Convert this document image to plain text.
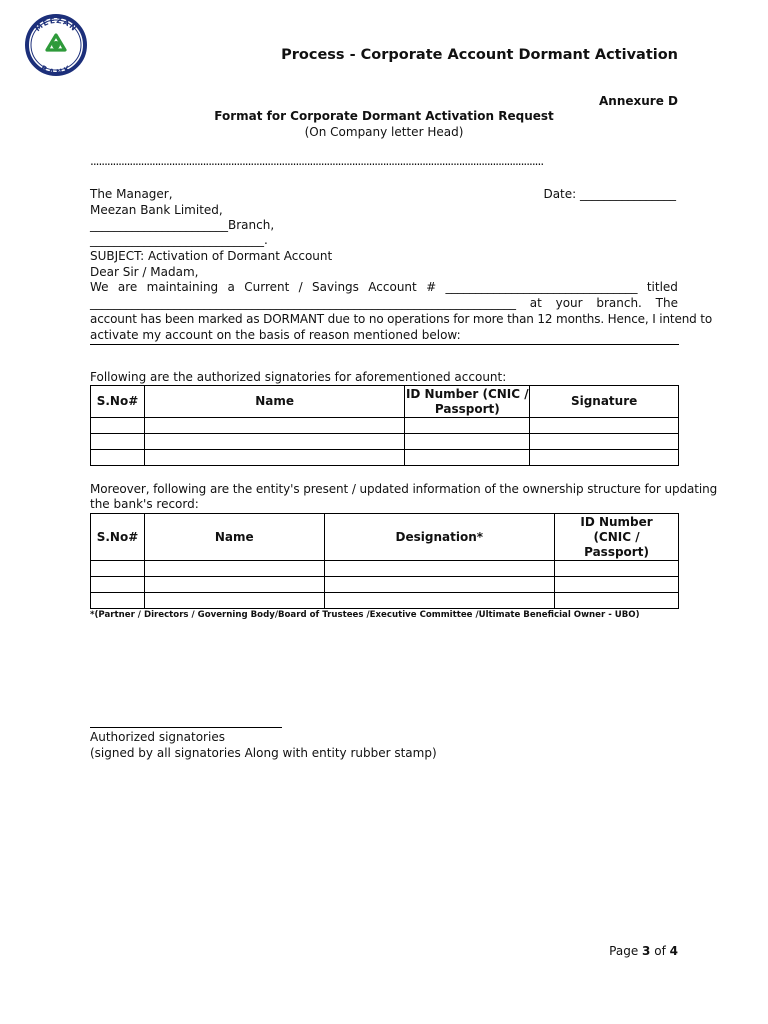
MEEZAN
BANK
Process - Corporate Account Dormant Activation
Annexure D
Format for Corporate Dormant Activation Request
(On Company letter Head)
.................................................................................................................................................................
The Manager,	Date: ________________
Meezan Bank Limited,
_______________________Branch,
_____________________________.
SUBJECT: Activation of Dormant Account
Dear Sir / Madam,
We are maintaining a Current / Savings Account # ________________________________ titled
_______________________________________________________________________ at your branch. The
account has been marked as DORMANT due to no operations for more than 12 months. Hence, I intend to
activate my account on the basis of reason mentioned below:
Following are the authorized signatories for aforementioned account:
S.No#	Name	ID Number (CNIC / Passport)	Signature

Moreover, following are the entity's present / updated information of the ownership structure for updating
the bank's record:
S.No#	Name	Designation*	ID Number (CNIC / Passport)

*(Partner / Directors / Governing Body/Board of Trustees /Executive Committee /Ultimate Beneficial Owner - UBO)
Authorized signatories
(signed by all signatories Along with entity rubber stamp)
Page 3 of 4
